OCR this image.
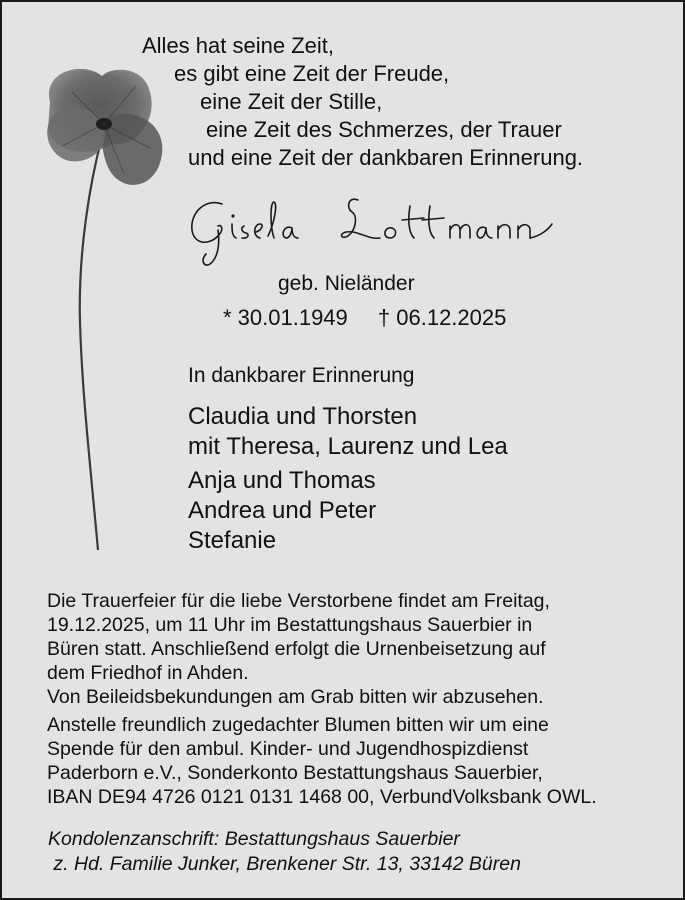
Alles hat seine Zeit,
es gibt eine Zeit der Freude,
eine Zeit der Stille,
eine Zeit des Schmerzes, der Trauer
und eine Zeit der dankbaren Erinnerung.
geb. Nieländer
* 30.01.1949 † 06.12.2025
In dankbarer Erinnerung
Claudia und Thorsten
mit Theresa, Laurenz und Lea
Anja und Thomas
Andrea und Peter
Stefanie
Die Trauerfeier für die liebe Verstorbene findet am Freitag,
19.12.2025, um 11 Uhr im Bestattungshaus Sauerbier in
Büren statt. Anschließend erfolgt die Urnenbeisetzung auf
dem Friedhof in Ahden.
Von Beileidsbekundungen am Grab bitten wir abzusehen.
Anstelle freundlich zugedachter Blumen bitten wir um eine
Spende für den ambul. Kinder- und Jugendhospizdienst
Paderborn e.V., Sonderkonto Bestattungshaus Sauerbier,
IBAN DE94 4726 0121 0131 1468 00, VerbundVolksbank OWL.
Kondolenzanschrift: Bestattungshaus Sauerbier
z. Hd. Familie Junker, Brenkener Str. 13, 33142 Büren
